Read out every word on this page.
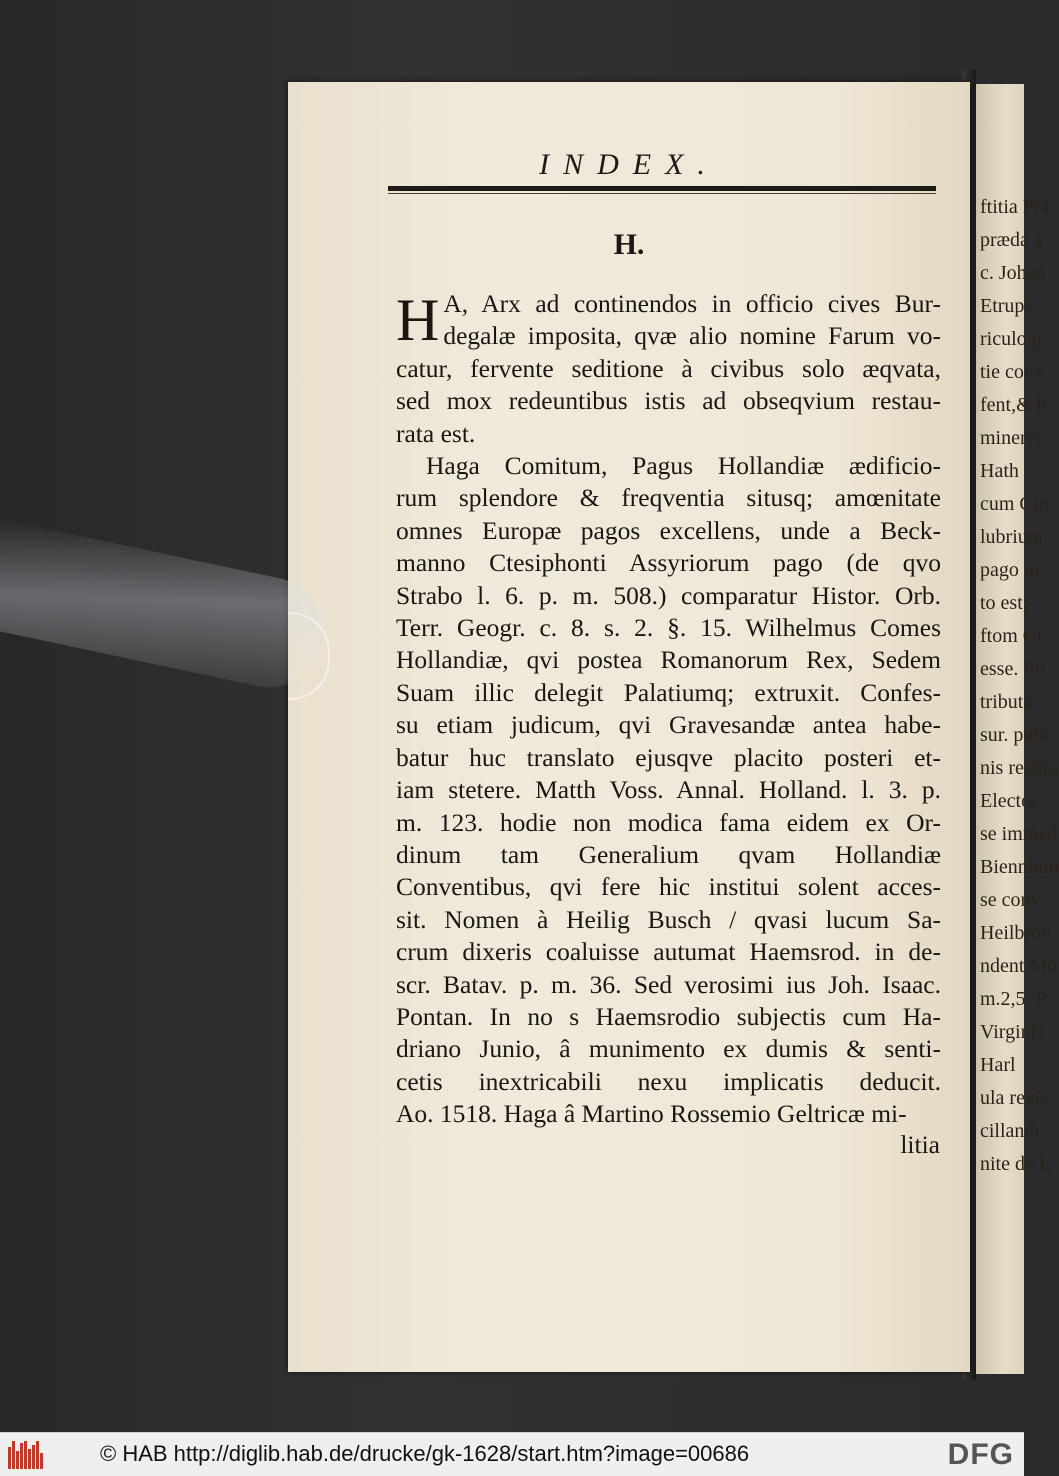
ftitia Pra
præda a
c. Johan
Etrupe
riculo p
tie cons
fent,& h
minerer
Hath
cum Circ
lubrium
pago in
to est;
ftom Ci
esse. Pri
tributa
sur. publ.
nis restitu
Elector
se immed
Biennium
se conv
Heilbron
ndent Mo
m.2,5. R
Virginis
Harl
ula regis
cillande
nite de L
INDEX.
H.
H A, Arx ad continendos in officio cives Bur-
degalæ imposita, qvæ alio nomine Farum vo-
catur, fervente seditione à civibus solo æqvata,
sed mox redeuntibus istis ad obseqvium restau-
rata est.
Haga Comitum, Pagus Hollandiæ ædificio-
rum splendore & freqventia situsq; amœnitate
omnes Europæ pagos excellens, unde a Beck-
manno Ctesiphonti Assyriorum pago (de qvo
Strabo l. 6. p. m. 508.) comparatur Histor. Orb.
Terr. Geogr. c. 8. s. 2. §. 15. Wilhelmus Comes
Hollandiæ, qvi postea Romanorum Rex, Sedem
Suam illic delegit Palatiumq; extruxit. Confes-
su etiam judicum, qvi Gravesandæ antea habe-
batur huc translato ejusqve placito posteri et-
iam stetere. Matth Voss. Annal. Holland. l. 3. p.
m. 123. hodie non modica fama eidem ex Or-
dinum tam Generalium qvam Hollandiæ
Conventibus, qvi fere hic institui solent acces-
sit. Nomen à Heilig Busch / qvasi lucum Sa-
crum dixeris coaluisse autumat Haemsrod. in de-
scr. Batav. p. m. 36. Sed verosimi ius Joh. Isaac.
Pontan. In no s Haemsrodio subjectis cum Ha-
driano Junio, â munimento ex dumis & senti-
cetis inextricabili nexu implicatis deducit.
Ao. 1518. Haga â Martino Rossemio Geltricæ mi-
litia
© HAB http://diglib.hab.de/drucke/gk-1628/start.htm?image=00686	DFG
